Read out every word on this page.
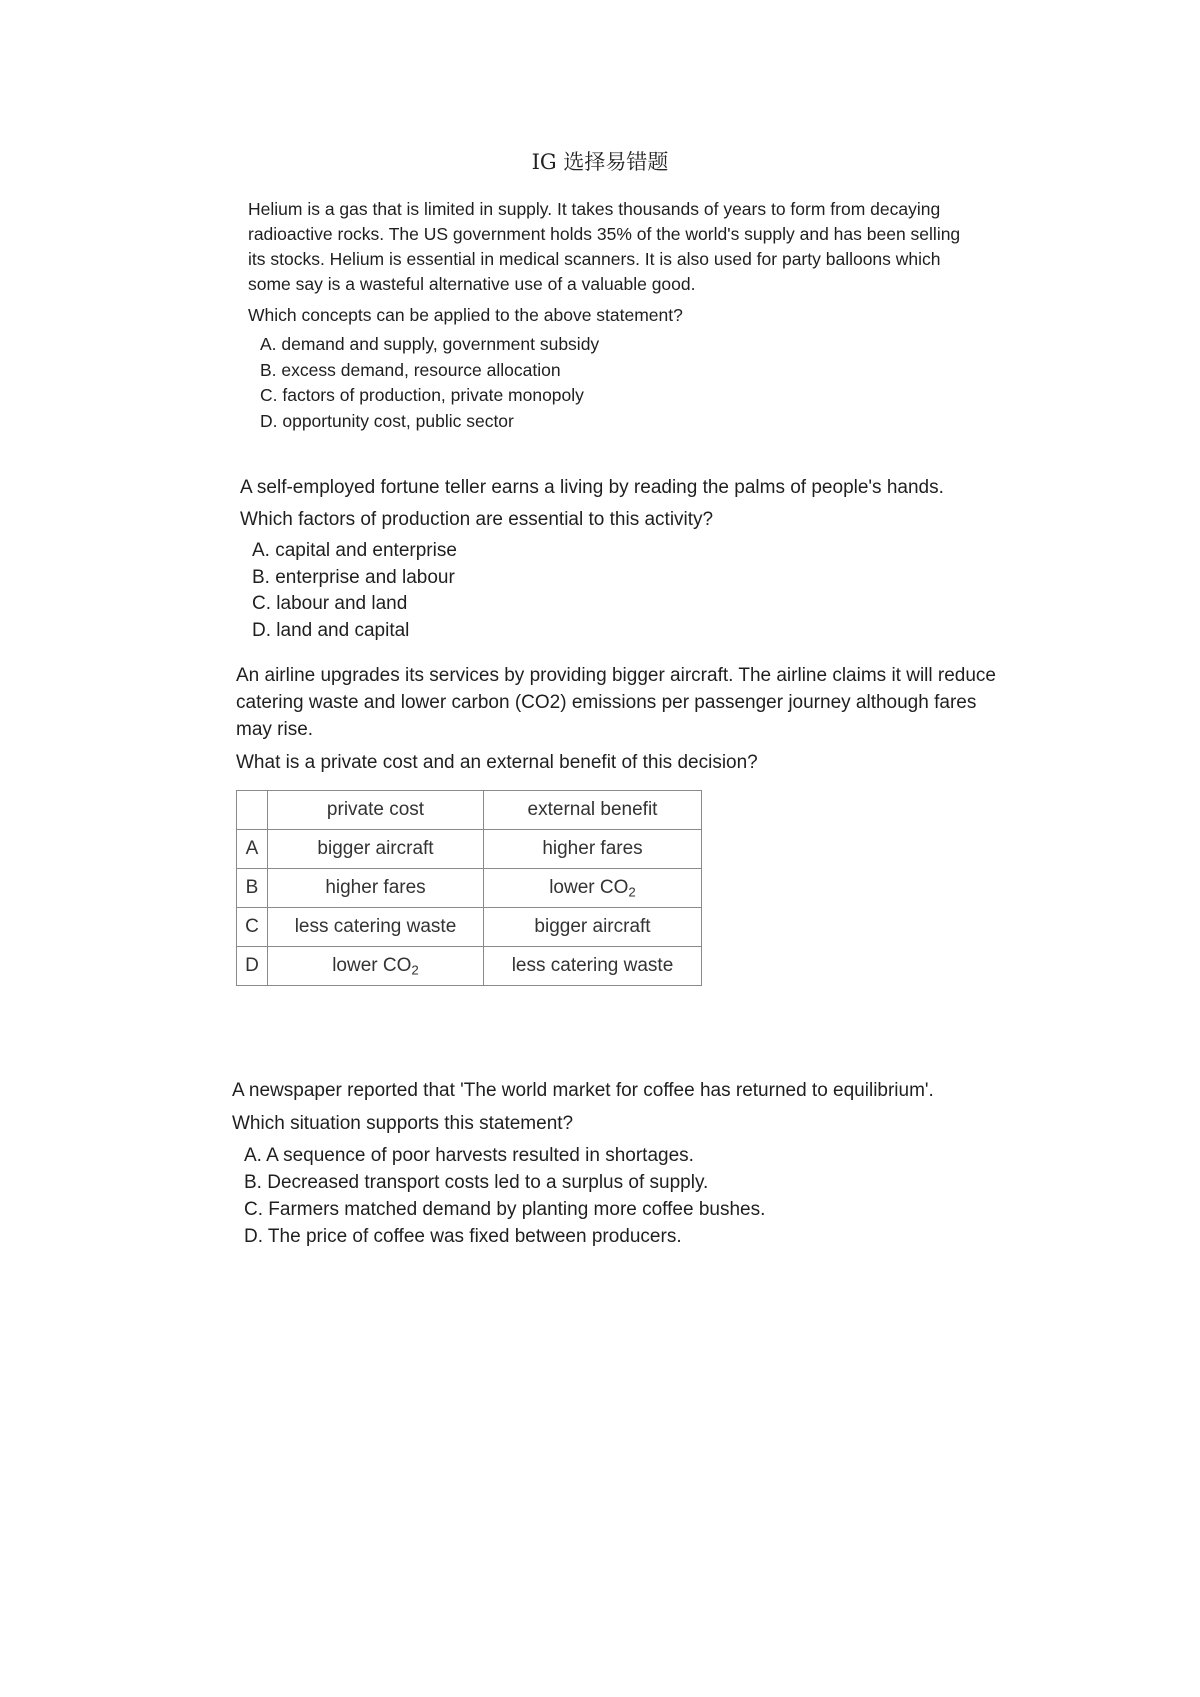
IG 选择易错题

Helium is a gas that is limited in supply. It takes thousands of years to form from decaying radioactive rocks. The US government holds 35% of the world's supply and has been selling its stocks. Helium is essential in medical scanners. It is also used for party balloons which some say is a wasteful alternative use of a valuable good.

Which concepts can be applied to the above statement?

A. demand and supply, government subsidy
B. excess demand, resource allocation
C. factors of production, private monopoly
D. opportunity cost, public sector

A self-employed fortune teller earns a living by reading the palms of people's hands.

Which factors of production are essential to this activity?

A. capital and enterprise
B. enterprise and labour
C. labour and land
D. land and capital

An airline upgrades its services by providing bigger aircraft. The airline claims it will reduce catering waste and lower carbon (CO2) emissions per passenger journey although fares may rise.

What is a private cost and an external benefit of this decision?

	private cost	external benefit
A	bigger aircraft	higher fares
B	higher fares	lower $CO_2$
C	less catering waste	bigger aircraft
D	lower $CO_2$	less catering waste

A newspaper reported that 'The world market for coffee has returned to equilibrium'.

Which situation supports this statement?

A. A sequence of poor harvests resulted in shortages.
B. Decreased transport costs led to a surplus of supply.
C. Farmers matched demand by planting more coffee bushes.
D. The price of coffee was fixed between producers.
